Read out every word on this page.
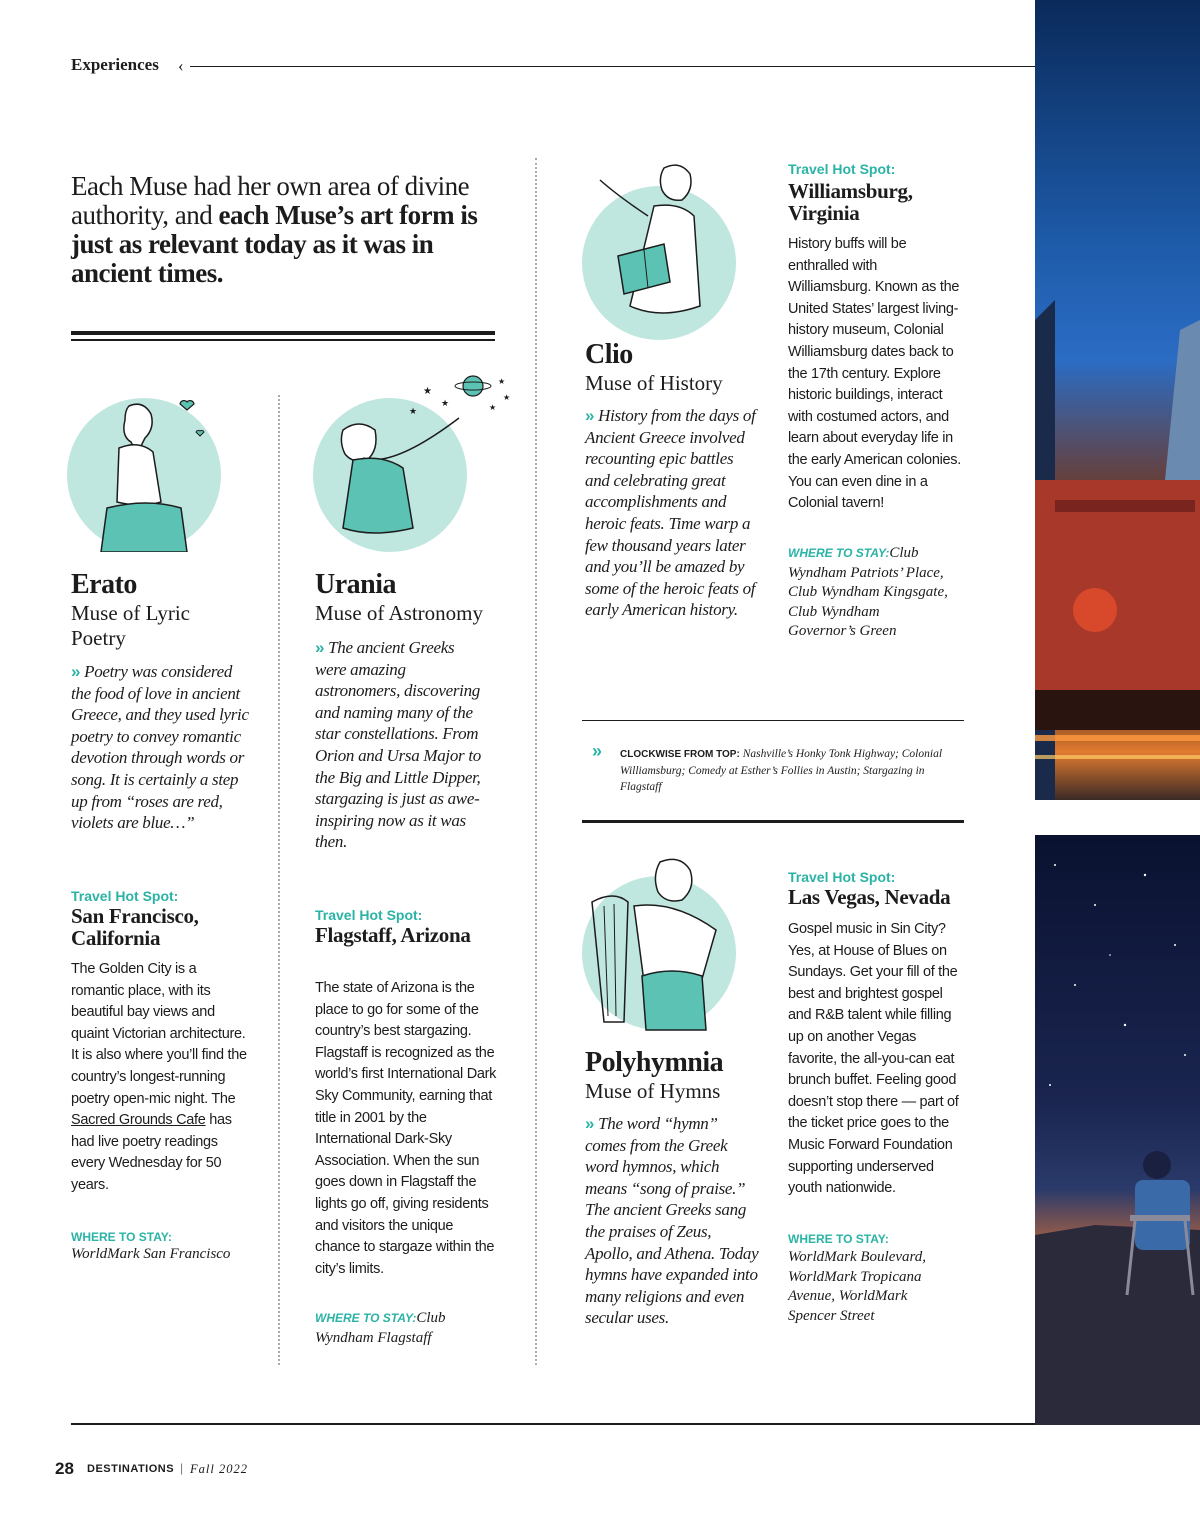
Experiences ‹
Each Muse had her own area of divine authority, and each Muse’s art form is just as relevant today as it was in ancient times.
Erato
Muse of Lyric Poetry
» Poetry was considered the food of love in ancient Greece, and they used lyric poetry to convey romantic devotion through words or song. It is certainly a step up from “roses are red, violets are blue…”
Travel Hot Spot:
San Francisco, California
The Golden City is a romantic place, with its beautiful bay views and quaint Victorian architecture. It is also where you’ll find the country’s longest-running poetry open-mic night. The Sacred Grounds Cafe has had live poetry readings every Wednesday for 50 years.
WHERE TO STAY:
WorldMark San Francisco
★
★
★
★
★	★
Urania
Muse of Astronomy
» The ancient Greeks were amazing astronomers, discovering and naming many of the star constellations. From Orion and Ursa Major to the Big and Little Dipper, stargazing is just as awe-inspiring now as it was then.
Travel Hot Spot:
Flagstaff, Arizona
The state of Arizona is the place to go for some of the country’s best stargazing. Flagstaff is recognized as the world’s first International Dark Sky Community, earning that title in 2001 by the International Dark-Sky Association. When the sun goes down in Flagstaff the lights go off, giving residents and visitors the unique chance to stargaze within the city’s limits.
WHERE TO STAY:Club Wyndham Flagstaff
Clio
Muse of History
» History from the days of Ancient Greece involved recounting epic battles and celebrating great accomplishments and heroic feats. Time warp a few thousand years later and you’ll be amazed by some of the heroic feats of early American history.
Travel Hot Spot:
Williamsburg, Virginia
History buffs will be enthralled with Williamsburg. Known as the United States’ largest living-history museum, Colonial Williamsburg dates back to the 17th century. Explore historic buildings, interact with costumed actors, and learn about everyday life in the early American colonies. You can even dine in a Colonial tavern!
WHERE TO STAY:Club Wyndham Patriots’ Place, Club Wyndham Kingsgate, Club Wyndham Governor’s Green
» CLOCKWISE FROM TOP: Nashville’s Honky Tonk Highway; Colonial Williamsburg; Comedy at Esther’s Follies in Austin; Stargazing in Flagstaff
Polyhymnia
Muse of Hymns
» The word “hymn” comes from the Greek word hymnos, which means “song of praise.” The ancient Greeks sang the praises of Zeus, Apollo, and Athena. Today hymns have expanded into many religions and even secular uses.
Travel Hot Spot:
Las Vegas, Nevada
Gospel music in Sin City? Yes, at House of Blues on Sundays. Get your fill of the best and brightest gospel and R&B talent while filling up on another Vegas favorite, the all-you-can eat brunch buffet. Feeling good doesn’t stop there — part of the ticket price goes to the Music Forward Foundation supporting underserved youth nationwide.
WHERE TO STAY:
WorldMark Boulevard, WorldMark Tropicana Avenue, WorldMark Spencer Street
28 DESTINATIONS | Fall 2022
